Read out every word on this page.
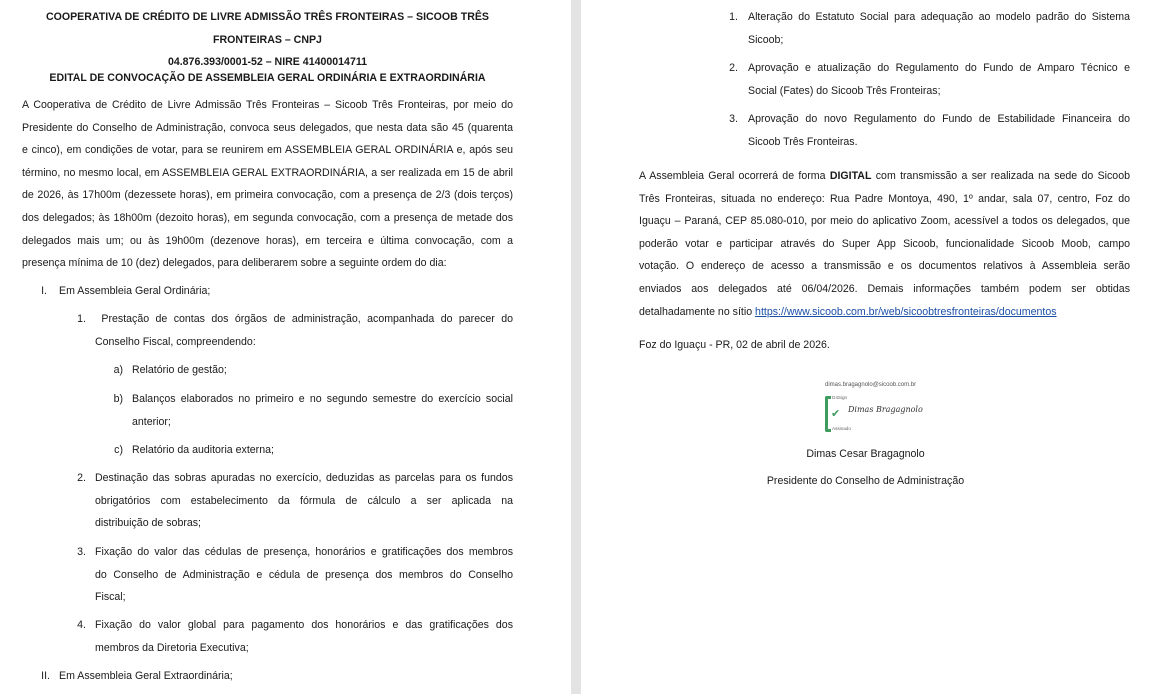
COOPERATIVA DE CRÉDITO DE LIVRE ADMISSÃO TRÊS FRONTEIRAS – SICOOB TRÊS FRONTEIRAS – CNPJ
04.876.393/0001-52 – NIRE 41400014711
EDITAL DE CONVOCAÇÃO DE ASSEMBLEIA GERAL ORDINÁRIA E EXTRAORDINÁRIA
A Cooperativa de Crédito de Livre Admissão Três Fronteiras – Sicoob Três Fronteiras, por meio do
Presidente do Conselho de Administração, convoca seus delegados, que nesta data são 45 (quarenta
e cinco), em condições de votar, para se reunirem em ASSEMBLEIA GERAL ORDINÁRIA e, após seu
término, no mesmo local, em ASSEMBLEIA GERAL EXTRAORDINÁRIA, a ser realizada em 15 de abril
de 2026, às 17h00m (dezessete horas), em primeira convocação, com a presença de 2/3 (dois terços)
dos delegados; às 18h00m (dezoito horas), em segunda convocação, com a presença de metade dos
delegados mais um; ou às 19h00m (dezenove horas), em terceira e última convocação, com a
presença mínima de 10 (dez) delegados, para deliberarem sobre a seguinte ordem do dia:
I. Em Assembleia Geral Ordinária;
1.	Prestação de contas dos órgãos de administração, acompanhada do parecer do
Conselho Fiscal, compreendendo:
a) Relatório de gestão;
b) Balanços elaborados no primeiro e no segundo semestre do exercício social
anterior;
c) Relatório da auditoria externa;
2. Destinação das sobras apuradas no exercício, deduzidas as parcelas para os fundos
obrigatórios com estabelecimento da fórmula de cálculo a ser aplicada na
distribuição de sobras;
3. Fixação do valor das cédulas de presença, honorários e gratificações dos membros
do Conselho de Administração e cédula de presença dos membros do Conselho
Fiscal;
4. Fixação do valor global para pagamento dos honorários e das gratificações dos
membros da Diretoria Executiva;
II. Em Assembleia Geral Extraordinária;
1. Alteração do Estatuto Social para adequação ao modelo padrão do Sistema
Sicoob;
2. Aprovação e atualização do Regulamento do Fundo de Amparo Técnico e
Social (Fates) do Sicoob Três Fronteiras;
3. Aprovação do novo Regulamento do Fundo de Estabilidade Financeira do
Sicoob Três Fronteiras.
A Assembleia Geral ocorrerá de forma DIGITAL com transmissão a ser realizada na sede do Sicoob
Três Fronteiras, situada no endereço: Rua Padre Montoya, 490, 1º andar, sala 07, centro, Foz do
Iguaçu – Paraná, CEP 85.080-010, por meio do aplicativo Zoom, acessível a todos os delegados, que
poderão votar e participar através do Super App Sicoob, funcionalidade Sicoob Moob, campo
votação. O endereço de acesso a transmissão e os documentos relativos à Assembleia serão
enviados aos delegados até 06/04/2026. Demais informações também podem ser obtidas
detalhadamente no sítio https://www.sicoob.com.br/web/sicoobtresfronteiras/documentos
Foz do Iguaçu - PR, 02 de abril de 2026.
dimas.bragagnolo@sicoob.com.br
D4Sign
✔ Dimas Bragagnolo
Assinado
Dimas Cesar Bragagnolo
Presidente do Conselho de Administração
